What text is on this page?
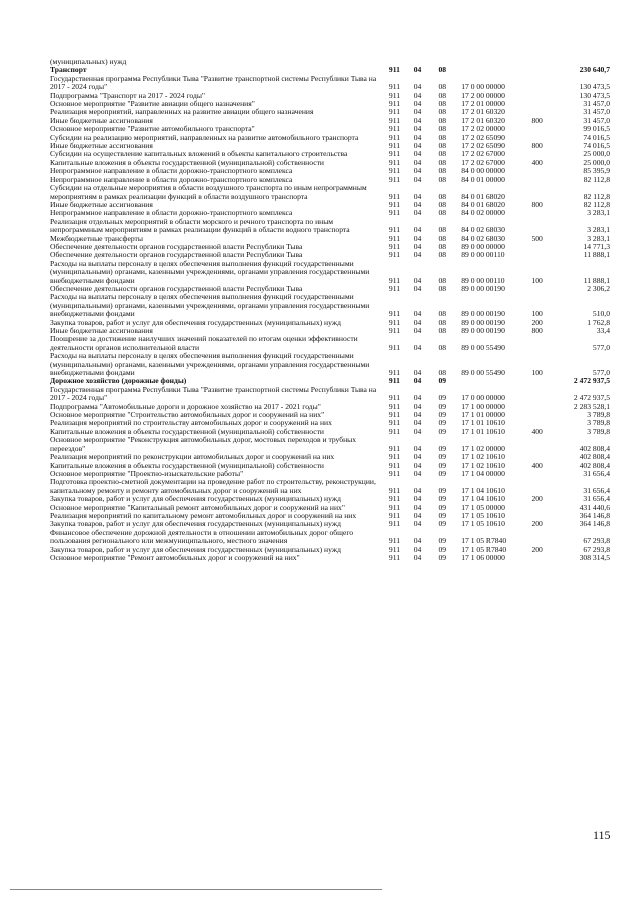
(муниципальных) нужд						
Транспорт	911	04	08			230 640,7
Государственная программа Республики Тыва "Развитие транспортной системы Республики Тыва на 2017 - 2024 годы"	911	04	08	17 0 00 00000		130 473,5
Подпрограмма "Транспорт на 2017 - 2024 годы"	911	04	08	17 2 00 00000		130 473,5
Основное мероприятие "Развитие авиации общего назначения"	911	04	08	17 2 01 00000		31 457,0
Реализация мероприятий, направленных на развитие авиации общего назначения	911	04	08	17 2 01 60320		31 457,0
Иные бюджетные ассигнования	911	04	08	17 2 01 60320	800	31 457,0
Основное мероприятие "Развитие автомобильного транспорта"	911	04	08	17 2 02 00000		99 016,5
Субсидии на реализацию мероприятий, направленных на развитие автомобильного транспорта	911	04	08	17 2 02 65090		74 016,5
Иные бюджетные ассигнования	911	04	08	17 2 02 65090	800	74 016,5
Субсидии на осуществление капитальных вложений в объекты капитального строительства	911	04	08	17 2 02 67000		25 000,0
Капитальные вложения в объекты государственной (муниципальной) собственности	911	04	08	17 2 02 67000	400	25 000,0
Непрограммное направление в области дорожно-транспортного комплекса	911	04	08	84 0 00 00000		85 395,9
Непрограммное направление в области дорожно-транспортного комплекса	911	04	08	84 0 01 00000		82 112,8
Субсидии на отдельные мероприятия в области воздушного транспорта по иным непрограммным мероприятиям в рамках реализации функций в области воздушного транспорта	911	04	08	84 0 01 68020		82 112,8
Иные бюджетные ассигнования	911	04	08	84 0 01 68020	800	82 112,8
Непрограммное направление в области дорожно-транспортного комплекса	911	04	08	84 0 02 00000		3 283,1
Реализация отдельных мероприятий в области морского и речного транспорта по иным непрограммным мероприятиям в рамках реализации функций в области водного транспорта	911	04	08	84 0 02 68030		3 283,1
Межбюджетные трансферты	911	04	08	84 0 02 68030	500	3 283,1
Обеспечение деятельности органов государственной власти Республики Тыва	911	04	08	89 0 00 00000		14 771,3
Обеспечение деятельности органов государственной власти Республики Тыва	911	04	08	89 0 00 00110		11 888,1
Расходы на выплаты персоналу в целях обеспечения выполнения функций государственными (муниципальными) органами, казенными учреждениями, органами управления государственными внебюджетными фондами	911	04	08	89 0 00 00110	100	11 888,1
Обеспечение деятельности органов государственной власти Республики Тыва	911	04	08	89 0 00 00190		2 306,2
Расходы на выплаты персоналу в целях обеспечения выполнения функций государственными (муниципальными) органами, казенными учреждениями, органами управления государственными внебюджетными фондами	911	04	08	89 0 00 00190	100	510,0
Закупка товаров, работ и услуг для обеспечения государственных (муниципальных) нужд	911	04	08	89 0 00 00190	200	1 762,8
Иные бюджетные ассигнования	911	04	08	89 0 00 00190	800	33,4
Поощрение за достижение наилучших значений показателей по итогам оценки эффективности деятельности органов исполнительной власти	911	04	08	89 0 00 55490		577,0
Расходы на выплаты персоналу в целях обеспечения выполнения функций государственными (муниципальными) органами, казенными учреждениями, органами управления государственными внебюджетными фондами	911	04	08	89 0 00 55490	100	577,0
Дорожное хозяйство (дорожные фонды)	911	04	09			2 472 937,5
Государственная программа Республики Тыва "Развитие транспортной системы Республики Тыва на 2017 - 2024 годы"	911	04	09	17 0 00 00000		2 472 937,5
Подпрограмма "Автомобильные дороги и дорожное хозяйство на 2017 - 2021 годы"	911	04	09	17 1 00 00000		2 283 528,1
Основное мероприятие "Строительство автомобильных дорог и сооружений на них"	911	04	09	17 1 01 00000		3 789,8
Реализация мероприятий по строительству автомобильных дорог и сооружений на них	911	04	09	17 1 01 10610		3 789,8
Капитальные вложения в объекты государственной (муниципальной) собственности	911	04	09	17 1 01 10610	400	3 789,8
Основное мероприятие "Реконструкция автомобильных дорог, мостовых переходов и трубных переездов"	911	04	09	17 1 02 00000		402 808,4
Реализация мероприятий по реконструкции автомобильных дорог и сооружений на них	911	04	09	17 1 02 10610		402 808,4
Капитальные вложения в объекты государственной (муниципальной) собственности	911	04	09	17 1 02 10610	400	402 808,4
Основное мероприятие "Проектно-изыскательские работы"	911	04	09	17 1 04 00000		31 656,4
Подготовка проектно-сметной документации на проведение работ по строительству, реконструкции, капитальному ремонту и ремонту автомобильных дорог и сооружений на них	911	04	09	17 1 04 10610		31 656,4
Закупка товаров, работ и услуг для обеспечения государственных (муниципальных) нужд	911	04	09	17 1 04 10610	200	31 656,4
Основное мероприятие "Капитальный ремонт автомобильных дорог и сооружений на них"	911	04	09	17 1 05 00000		431 440,6
Реализация мероприятий по капитальному ремонт автомобильных дорог и сооружений на них	911	04	09	17 1 05 10610		364 146,8
Закупка товаров, работ и услуг для обеспечения государственных (муниципальных) нужд	911	04	09	17 1 05 10610	200	364 146,8
Финансовое обеспечение дорожной деятельности в отношении автомобильных дорог общего пользования регионального или межмуниципального, местного значения	911	04	09	17 1 05 R7840		67 293,8
Закупка товаров, работ и услуг для обеспечения государственных (муниципальных) нужд	911	04	09	17 1 05 R7840	200	67 293,8
Основное мероприятие "Ремонт автомобильных дорог и сооружений на них"	911	04	09	17 1 06 00000		308 314,5
115
